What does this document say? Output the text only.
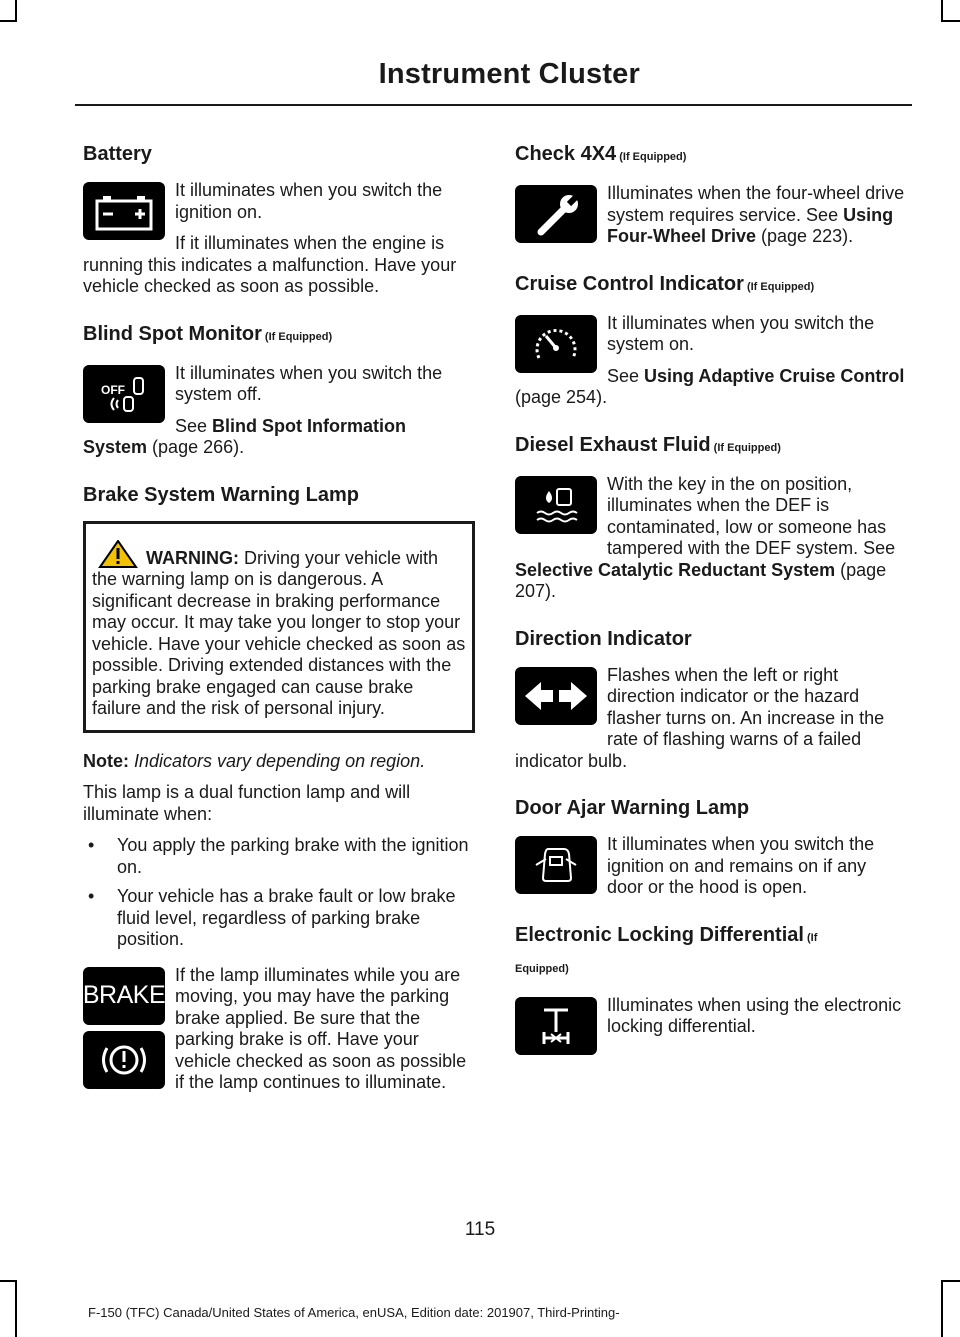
Instrument Cluster
Battery

It illuminates when you switch the ignition on.

If it illuminates when the engine is running this indicates a malfunction. Have your vehicle checked as soon as possible.

Blind Spot Monitor (If Equipped)
OFF

It illuminates when you switch the system off.

See Blind Spot Information System (page 266).

Brake System Warning Lamp

WARNING: Driving your vehicle with the warning lamp on is dangerous. A significant decrease in braking performance may occur. It may take you longer to stop your vehicle. Have your vehicle checked as soon as possible. Driving extended distances with the parking brake engaged can cause brake failure and the risk of personal injury.

Note: Indicators vary depending on region.

This lamp is a dual function lamp and will illuminate when:

• You apply the parking brake with the ignition on.
• Your vehicle has a brake fault or low brake fluid level, regardless of parking brake position.
BRAKE

If the lamp illuminates while you are moving, you may have the parking brake applied. Be sure that the parking brake is off. Have your vehicle checked as soon as possible if the lamp continues to illuminate.

Check 4X4 (If Equipped)

Illuminates when the four-wheel drive system requires service. See Using Four-Wheel Drive (page 223).

Cruise Control Indicator (If Equipped)

It illuminates when you switch the system on.

See Using Adaptive Cruise Control (page 254).

Diesel Exhaust Fluid (If Equipped)

With the key in the on position, illuminates when the DEF is contaminated, low or someone has tampered with the DEF system. See Selective Catalytic Reductant System (page 207).

Direction Indicator

Flashes when the left or right direction indicator or the hazard flasher turns on. An increase in the rate of flashing warns of a failed indicator bulb.

Door Ajar Warning Lamp

It illuminates when you switch the ignition on and remains on if any door or the hood is open.

Electronic Locking Differential (If
Equipped)

Illuminates when using the electronic locking differential.

115
F-150 (TFC) Canada/United States of America, enUSA, Edition date: 201907, Third-Printing-
